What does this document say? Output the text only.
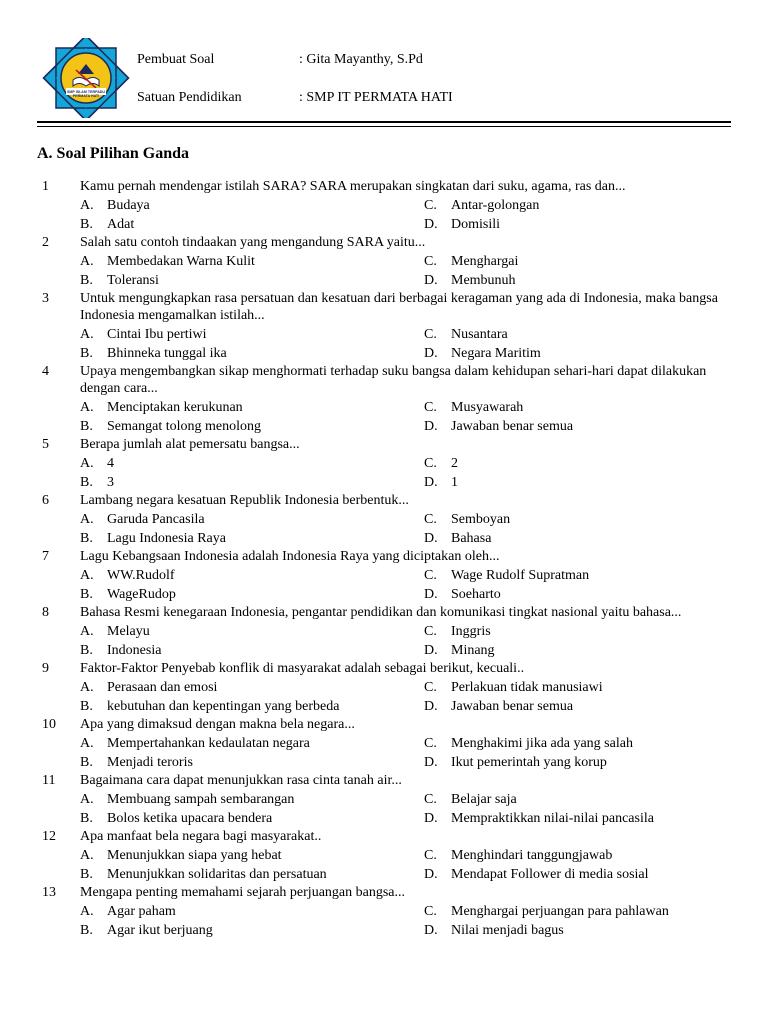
SMP ISLAM TERPADU
PERMATA HATI
Pembuat Soal	: Gita Mayanthy, S.Pd
Satuan Pendidikan	: SMP IT PERMATA HATI
A. Soal Pilihan Ganda
1 Kamu pernah mendengar istilah SARA? SARA merupakan singkatan dari suku, agama, ras dan...
A. Budaya
B. Adat
C. Antar-golongan
D. Domisili
2 Salah satu contoh tindaakan yang mengandung SARA yaitu...
A. Membedakan Warna Kulit
B. Toleransi
C. Menghargai
D. Membunuh
3 Untuk mengungkapkan rasa persatuan dan kesatuan dari berbagai keragaman yang ada di Indonesia, maka bangsa Indonesia mengamalkan istilah...
A. Cintai Ibu pertiwi
B. Bhinneka tunggal ika
C. Nusantara
D. Negara Maritim
4 Upaya mengembangkan sikap menghormati terhadap suku bangsa dalam kehidupan sehari-hari dapat dilakukan dengan cara...
A. Menciptakan kerukunan
B. Semangat tolong menolong
C. Musyawarah
D. Jawaban benar semua
5 Berapa jumlah alat pemersatu bangsa...
A. 4
B. 3
C. 2
D. 1
6 Lambang negara kesatuan Republik Indonesia berbentuk...
A. Garuda Pancasila
B. Lagu Indonesia Raya
C. Semboyan
D. Bahasa
7 Lagu Kebangsaan Indonesia adalah Indonesia Raya yang diciptakan oleh...
A. WW.Rudolf
B. WageRudop
C. Wage Rudolf Supratman
D. Soeharto
8 Bahasa Resmi kenegaraan Indonesia, pengantar pendidikan dan komunikasi tingkat nasional yaitu bahasa...
A. Melayu
B. Indonesia
C. Inggris
D. Minang
9 Faktor-Faktor Penyebab konflik di masyarakat adalah sebagai berikut, kecuali..
A. Perasaan dan emosi
B. kebutuhan dan kepentingan yang berbeda
C. Perlakuan tidak manusiawi
D. Jawaban benar semua
10 Apa yang dimaksud dengan makna bela negara...
A. Mempertahankan kedaulatan negara
B. Menjadi teroris
C. Menghakimi jika ada yang salah
D. Ikut pemerintah yang korup
11 Bagaimana cara dapat menunjukkan rasa cinta tanah air...
A. Membuang sampah sembarangan
B. Bolos ketika upacara bendera
C. Belajar saja
D. Mempraktikkan nilai-nilai pancasila
12 Apa manfaat bela negara bagi masyarakat..
A. Menunjukkan siapa yang hebat
B. Menunjukkan solidaritas dan persatuan
C. Menghindari tanggungjawab
D. Mendapat Follower di media sosial
13 Mengapa penting memahami sejarah perjuangan bangsa...
A. Agar paham
B. Agar ikut berjuang
C. Menghargai perjuangan para pahlawan
D. Nilai menjadi bagus
